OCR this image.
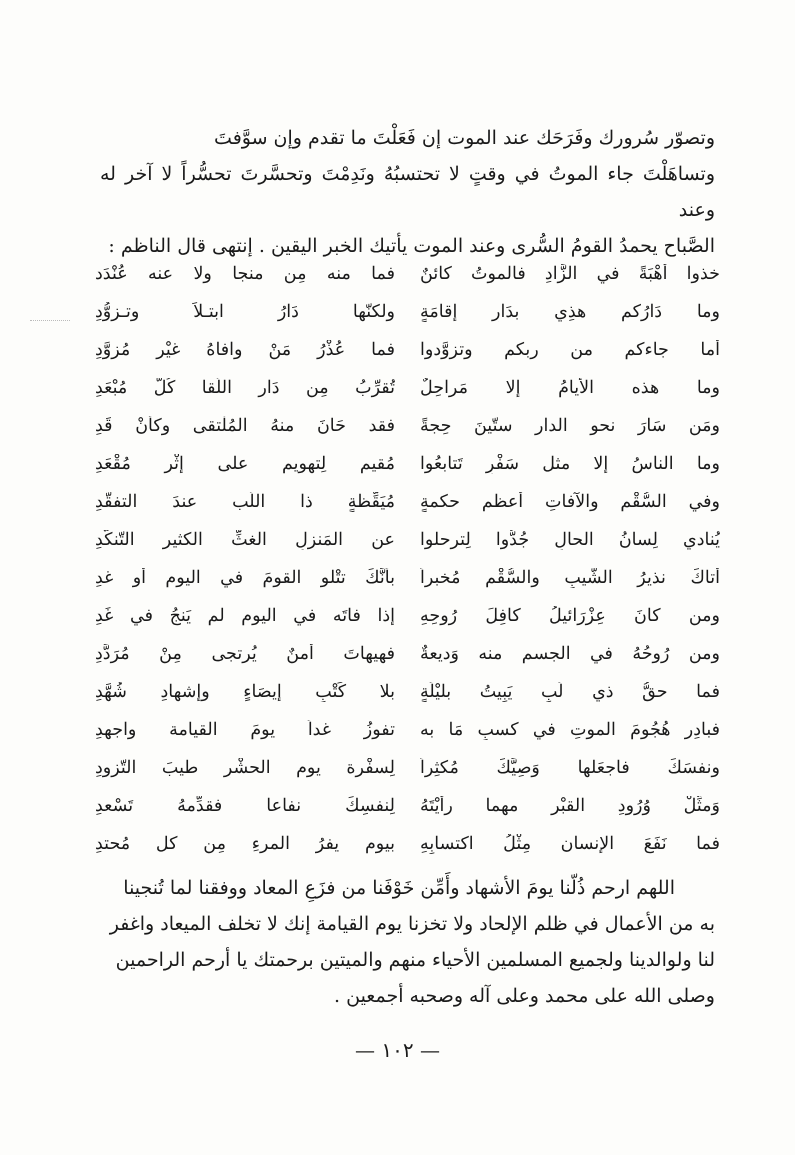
وتصوّر سُرورك وفَرَحَك عند الموت إن فَعَلْتَ ما تقدم وإن سوَّفتَ

وتساهَلْتَ جاء الموتُ في وقتٍ لا تحتسبُهُ ونَدِمْتَ وتحسَّرتَ تحسُّراً لا آخر له وعند

الصَّباح يحمدُ القومُ السُّرى وعند الموت يأتيك الخبر اليقين . إنتهى قال الناظم :

خذوا أُهْبَةً في الزَّادِ فالموتُ كائنٌ
فما منه مِن منجا ولا عنه عُنْدَد
وما دَارُكم هذِي بدَارِ إقامَةٍ
ولكنّها دَارُ ابتـلاً وتـزوُّدِ
أما جاءكم من ربكم وتزوَّدوا
فما عُذْرُ مَنْ وافاهُ غيْر مُزوَّدِ
وما هذه الأيامُ إلا مَراحِلٌ
تُقرِّبُ مِن دَارِ اللّقا كُلَّ مُبْعَدِ
ومَن سَارَ نحو الدار ستّينَ حِجةً
فقد حَانَ منهُ المُلْتقى وكأنْ قَدِ
وما الناسُ إلا مثل سَفْرٍ تَتابعُوا
مُقيم لِتهويم على إثْرِ مُقْعَدِ
وفي السُّقْمِ والآفاتِ أعظم حكمةٍ
مُيَقِّظةٍ ذا اللُّب عندَ التفقُّدِ
يُنادي لِسانُ الحالِ جُدُّوا لِترحلوا
عن المَنزِلِ الغثِّ الكثيرِ التّنكُّدِ
أتاكَ نذيرُ الشَّيبِ والسُّقْمِ مُخبراً
بأنَّكَ تتْلو القومَ في اليومِ أو غدِ
ومن كانَ عِزْرَائيلُ كافِلَ رُوحِهِ
إذا فاتَه في اليوم لم يَنجُ في غَدِ
ومن رُوحُهُ في الجسم منه وَديعةٌ
فهيهاتَ أمنٌ يُرتجى مِنْ مُرَدَّدِ
فما حقُّ ذي لُبٍ يَبِيتُ بليْلَةٍ
بلا كَتْبِ إيصَاءٍ وإشهادِ شُهَّدِ
فبادِر هُجُومَ الموتِ في كسبِ مَا به
تفوزُ غداً يومَ القيامة واجهدِ
ونفسَكَ فاجعَلها وَصِيَّكَ مُكثِراً
لِسفْرة يوم الحشْرِ طيبَ التّزودِ
وَمثِّلْ وُرُودِ القبْرِ مهما رأيْتَهُ
لِنفسِكَ نفاعا فقدِّمهُ تَسْعدِ
فما نَفَعَ الإنسان مِثْلُ اكتسابِهِ
بيوم يفرُ المرءِ مِن كل مُحتدِ

اللهم ارحم ذُلّنا يومَ الأشهاد وأَمِّن خَوْفَنا من فزَعِ المعاد ووفقنا لما تُنجينا

به من الأعمال في ظلم الإلحاد ولا تخزنا يوم القيامة إنك لا تخلف الميعاد واغفر

لنا ولوالدينا ولجميع المسلمين الأحياء منهم والميتين برحمتك يا أرحم الراحمين

وصلى الله على محمد وعلى آله وصحبه أجمعين .

— ١٠٢ —
